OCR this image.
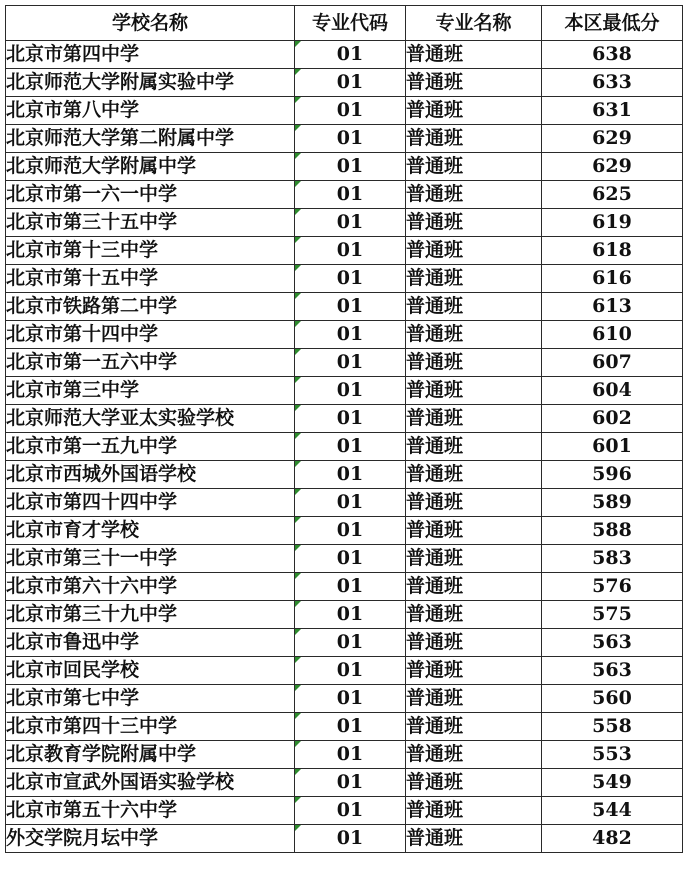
学校名称	专业代码	专业名称	本区最低分
北京市第四中学	01	普通班	638
北京师范大学附属实验中学	01	普通班	633
北京市第八中学	01	普通班	631
北京师范大学第二附属中学	01	普通班	629
北京师范大学附属中学	01	普通班	629
北京市第一六一中学	01	普通班	625
北京市第三十五中学	01	普通班	619
北京市第十三中学	01	普通班	618
北京市第十五中学	01	普通班	616
北京市铁路第二中学	01	普通班	613
北京市第十四中学	01	普通班	610
北京市第一五六中学	01	普通班	607
北京市第三中学	01	普通班	604
北京师范大学亚太实验学校	01	普通班	602
北京市第一五九中学	01	普通班	601
北京市西城外国语学校	01	普通班	596
北京市第四十四中学	01	普通班	589
北京市育才学校	01	普通班	588
北京市第三十一中学	01	普通班	583
北京市第六十六中学	01	普通班	576
北京市第三十九中学	01	普通班	575
北京市鲁迅中学	01	普通班	563
北京市回民学校	01	普通班	563
北京市第七中学	01	普通班	560
北京市第四十三中学	01	普通班	558
北京教育学院附属中学	01	普通班	553
北京市宣武外国语实验学校	01	普通班	549
北京市第五十六中学	01	普通班	544
外交学院月坛中学	01	普通班	482
